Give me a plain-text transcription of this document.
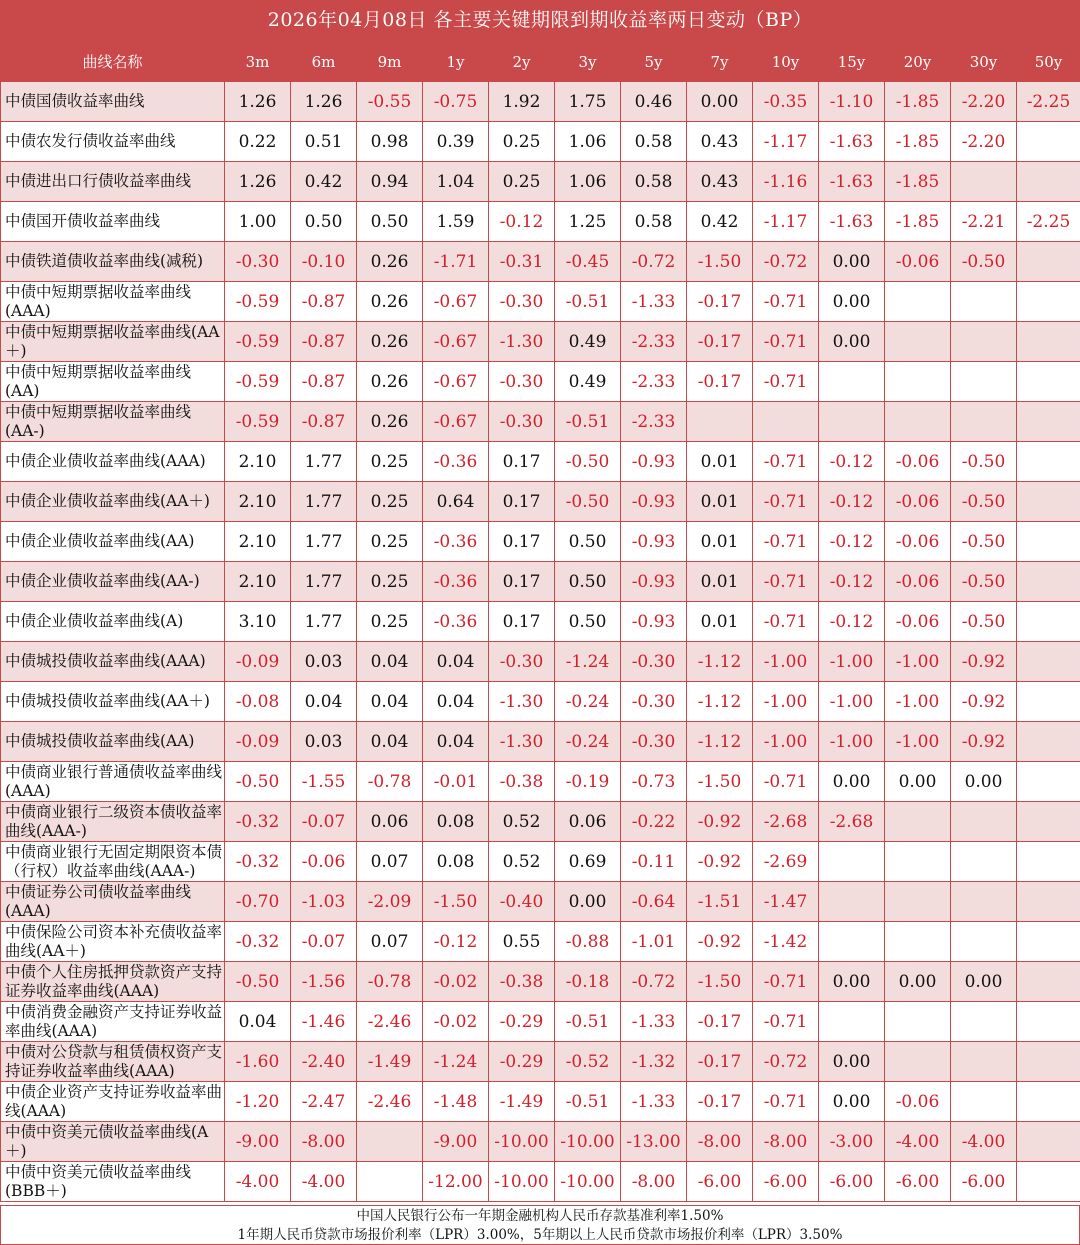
2026年04月08日 各主要关键期限到期收益率两日变动（BP）
曲线名称	3m	6m	9m	1y	2y	3y	5y	7y	10y	15y	20y	30y	50y
中债国债收益率曲线	1.26	1.26	-0.55	-0.75	1.92	1.75	0.46	0.00	-0.35	-1.10	-1.85	-2.20	-2.25
中债农发行债收益率曲线	0.22	0.51	0.98	0.39	0.25	1.06	0.58	0.43	-1.17	-1.63	-1.85	-2.20	
中债进出口行债收益率曲线	1.26	0.42	0.94	1.04	0.25	1.06	0.58	0.43	-1.16	-1.63	-1.85		
中债国开债收益率曲线	1.00	0.50	0.50	1.59	-0.12	1.25	0.58	0.42	-1.17	-1.63	-1.85	-2.21	-2.25
中债铁道债收益率曲线(减税)	-0.30	-0.10	0.26	-1.71	-0.31	-0.45	-0.72	-1.50	-0.72	0.00	-0.06	-0.50	
中债中短期票据收益率曲线(AAA)	-0.59	-0.87	0.26	-0.67	-0.30	-0.51	-1.33	-0.17	-0.71	0.00			
中债中短期票据收益率曲线(AA＋)	-0.59	-0.87	0.26	-0.67	-1.30	0.49	-2.33	-0.17	-0.71	0.00			
中债中短期票据收益率曲线(AA)	-0.59	-0.87	0.26	-0.67	-0.30	0.49	-2.33	-0.17	-0.71				
中债中短期票据收益率曲线(AA-)	-0.59	-0.87	0.26	-0.67	-0.30	-0.51	-2.33						
中债企业债收益率曲线(AAA)	2.10	1.77	0.25	-0.36	0.17	-0.50	-0.93	0.01	-0.71	-0.12	-0.06	-0.50	
中债企业债收益率曲线(AA＋)	2.10	1.77	0.25	0.64	0.17	-0.50	-0.93	0.01	-0.71	-0.12	-0.06	-0.50	
中债企业债收益率曲线(AA)	2.10	1.77	0.25	-0.36	0.17	0.50	-0.93	0.01	-0.71	-0.12	-0.06	-0.50	
中债企业债收益率曲线(AA-)	2.10	1.77	0.25	-0.36	0.17	0.50	-0.93	0.01	-0.71	-0.12	-0.06	-0.50	
中债企业债收益率曲线(A)	3.10	1.77	0.25	-0.36	0.17	0.50	-0.93	0.01	-0.71	-0.12	-0.06	-0.50	
中债城投债收益率曲线(AAA)	-0.09	0.03	0.04	0.04	-0.30	-1.24	-0.30	-1.12	-1.00	-1.00	-1.00	-0.92	
中债城投债收益率曲线(AA＋)	-0.08	0.04	0.04	0.04	-1.30	-0.24	-0.30	-1.12	-1.00	-1.00	-1.00	-0.92	
中债城投债收益率曲线(AA)	-0.09	0.03	0.04	0.04	-1.30	-0.24	-0.30	-1.12	-1.00	-1.00	-1.00	-0.92	
中债商业银行普通债收益率曲线(AAA)	-0.50	-1.55	-0.78	-0.01	-0.38	-0.19	-0.73	-1.50	-0.71	0.00	0.00	0.00	
中债商业银行二级资本债收益率曲线(AAA-)	-0.32	-0.07	0.06	0.08	0.52	0.06	-0.22	-0.92	-2.68	-2.68			
中债商业银行无固定期限资本债（行权）收益率曲线(AAA-)	-0.32	-0.06	0.07	0.08	0.52	0.69	-0.11	-0.92	-2.69				
中债证券公司债收益率曲线(AAA)	-0.70	-1.03	-2.09	-1.50	-0.40	0.00	-0.64	-1.51	-1.47				
中债保险公司资本补充债收益率曲线(AA＋)	-0.32	-0.07	0.07	-0.12	0.55	-0.88	-1.01	-0.92	-1.42				
中债个人住房抵押贷款资产支持证券收益率曲线(AAA)	-0.50	-1.56	-0.78	-0.02	-0.38	-0.18	-0.72	-1.50	-0.71	0.00	0.00	0.00	
中债消费金融资产支持证券收益率曲线(AAA)	0.04	-1.46	-2.46	-0.02	-0.29	-0.51	-1.33	-0.17	-0.71				
中债对公贷款与租赁债权资产支持证券收益率曲线(AAA)	-1.60	-2.40	-1.49	-1.24	-0.29	-0.52	-1.32	-0.17	-0.72	0.00			
中债企业资产支持证券收益率曲线(AAA)	-1.20	-2.47	-2.46	-1.48	-1.49	-0.51	-1.33	-0.17	-0.71	0.00	-0.06		
中债中资美元债收益率曲线(A＋)	-9.00	-8.00		-9.00	-10.00	-10.00	-13.00	-8.00	-8.00	-3.00	-4.00	-4.00	
中债中资美元债收益率曲线(BBB＋)	-4.00	-4.00		-12.00	-10.00	-10.00	-8.00	-6.00	-6.00	-6.00	-6.00	-6.00	
中国人民银行公布一年期金融机构人民币存款基准利率1.50%
1年期人民币贷款市场报价利率（LPR）3.00%，5年期以上人民币贷款市场报价利率（LPR）3.50%
